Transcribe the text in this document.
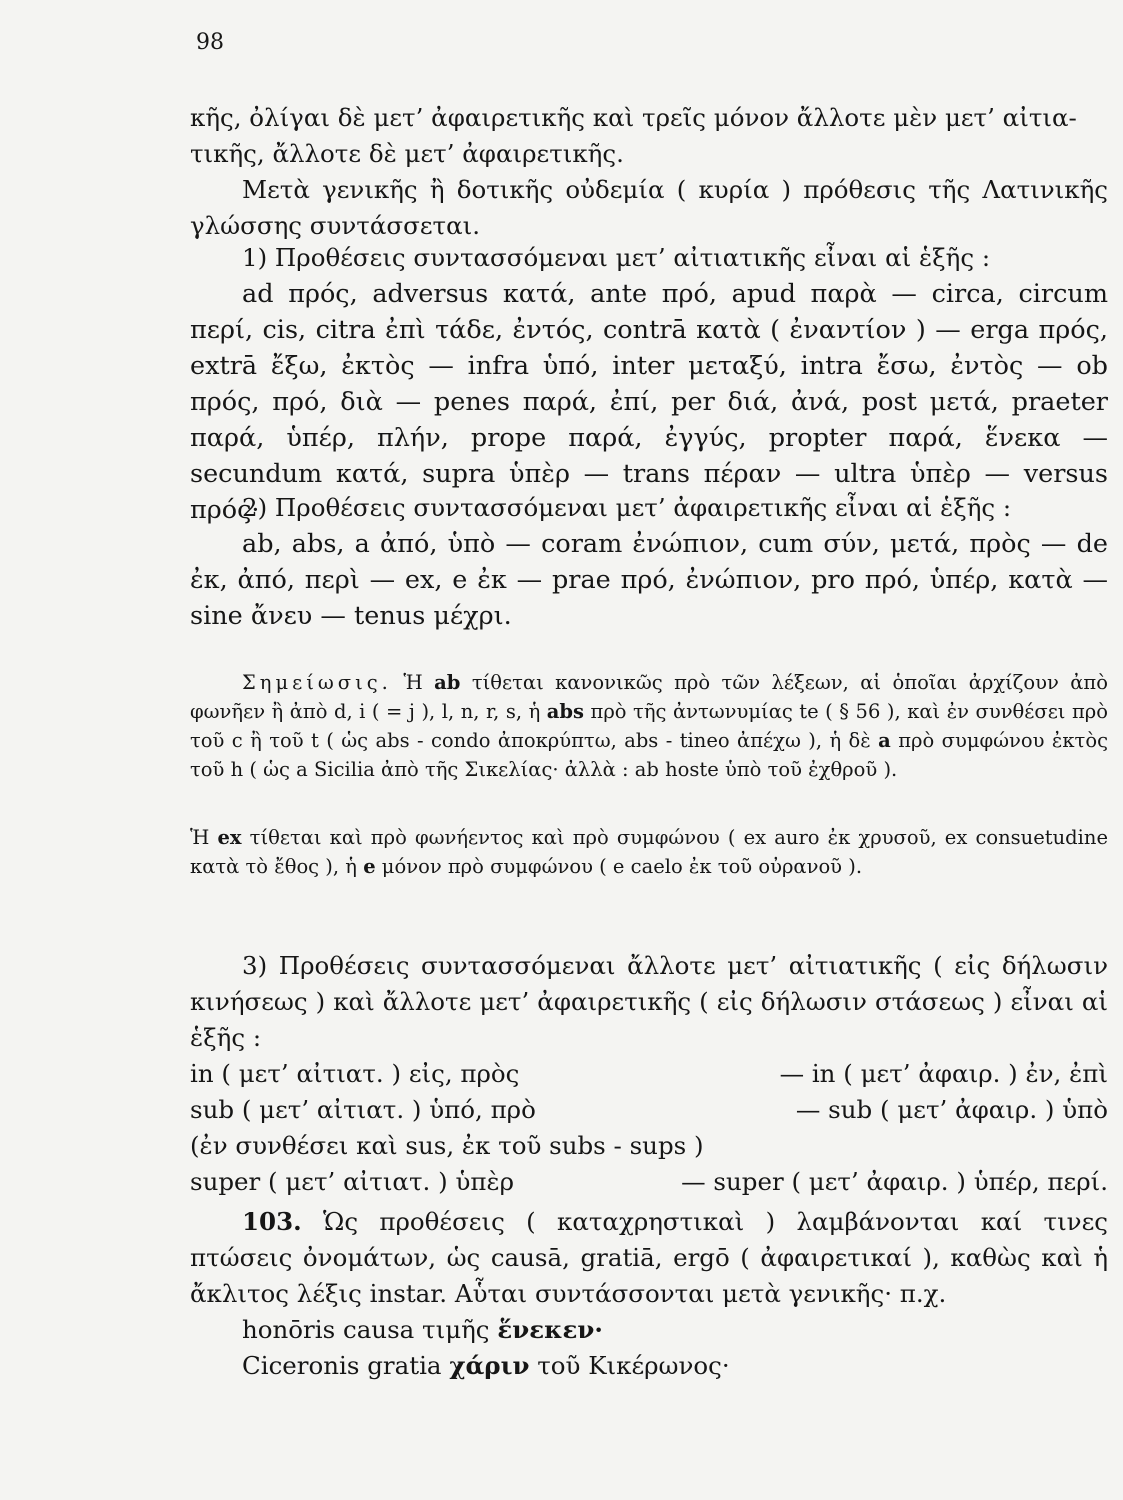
98

κῆς, ὀλίγαι δὲ μετ’ ἀφαιρετικῆς καὶ τρεῖς μόνον ἄλλοτε μὲν μετ’ αἰτια-

τικῆς, ἄλλοτε δὲ μετ’ ἀφαιρετικῆς.

Μετὰ γενικῆς ἢ δοτικῆς οὐδεμία ( κυρία ) πρόθεσις τῆς Λατινικῆς γλώσσης συντάσσεται.

1) Προθέσεις συντασσόμεναι μετ’ αἰτιατικῆς εἶναι αἱ ἑξῆς :

ad πρός, adversus κατά, ante πρό, apud παρὰ — circa, circum περί, cis, citra ἐπὶ τάδε, ἐντός, contrā κατὰ ( ἐναντίον ) — erga πρός, extrā ἔξω, ἐκτὸς — infra ὑπό, inter μεταξύ, intra ἔσω, ἐντὸς — ob πρός, πρό, διὰ — penes παρά, ἐπί, per διά, ἀνά, post μετά, praeter παρά, ὑπέρ, πλήν, prope παρά, ἐγγύς, propter παρά, ἕνεκα — secundum κατά, supra ὑπὲρ — trans πέραν — ultra ὑπὲρ — versus πρός·

2) Προθέσεις συντασσόμεναι μετ’ ἀφαιρετικῆς εἶναι αἱ ἑξῆς :

ab, abs, a ἀπό, ὑπὸ — coram ἐνώπιον, cum σύν, μετά, πρὸς — de ἐκ, ἀπό, περὶ — ex, e ἐκ — prae πρό, ἐνώπιον, pro πρό, ὑπέρ, κατὰ — sine ἄνευ — tenus μέχρι.

Σημείωσις. Ἡ ab τίθεται κανονικῶς πρὸ τῶν λέξεων, αἱ ὁποῖαι ἀρχίζουν ἀπὸ φωνῆεν ἢ ἀπὸ d, i ( = j ), l, n, r, s, ἡ abs πρὸ τῆς ἀντωνυμίας te ( § 56 ), καὶ ἐν συνθέσει πρὸ τοῦ c ἢ τοῦ t ( ὡς abs - condo ἀποκρύπτω, abs - tineo ἀπέχω ), ἡ δὲ a πρὸ συμφώνου ἐκτὸς τοῦ h ( ὡς a Sicilia ἀπὸ τῆς Σικελίας· ἀλλὰ : ab hoste ὑπὸ τοῦ ἐχθροῦ ).

Ἡ ex τίθεται καὶ πρὸ φωνήεντος καὶ πρὸ συμφώνου ( ex auro ἐκ χρυσοῦ, ex consuetudine κατὰ τὸ ἔθος ), ἡ e μόνον πρὸ συμφώνου ( e caelo ἐκ τοῦ οὐρανοῦ ).

3) Προθέσεις συντασσόμεναι ἄλλοτε μετ’ αἰτιατικῆς ( εἰς δήλωσιν κινήσεως ) καὶ ἄλλοτε μετ’ ἀφαιρετικῆς ( εἰς δήλωσιν στάσεως ) εἶναι αἱ ἑξῆς :

in ( μετ’ αἰτιατ. ) εἰς, πρὸς	— in ( μετ’ ἀφαιρ. ) ἐν, ἐπὶ
sub ( μετ’ αἰτιατ. ) ὑπό, πρὸ	— sub ( μετ’ ἀφαιρ. ) ὑπὸ

(ἐν συνθέσει καὶ sus, ἐκ τοῦ subs - sups )

super ( μετ’ αἰτιατ. ) ὑπὲρ	— super ( μετ’ ἀφαιρ. ) ὑπέρ, περί.

103. Ὡς προθέσεις ( καταχρηστικαὶ ) λαμβάνονται καί τινες πτώσεις ὀνομάτων, ὡς causā, gratiā, ergō ( ἀφαιρετικαί ), καθὼς καὶ ἡ ἄκλιτος λέξις instar. Αὗται συντάσσονται μετὰ γενικῆς· π.χ.

honōris causa τιμῆς ἕνεκεν·

Ciceronis gratia χάριν τοῦ Κικέρωνος·
